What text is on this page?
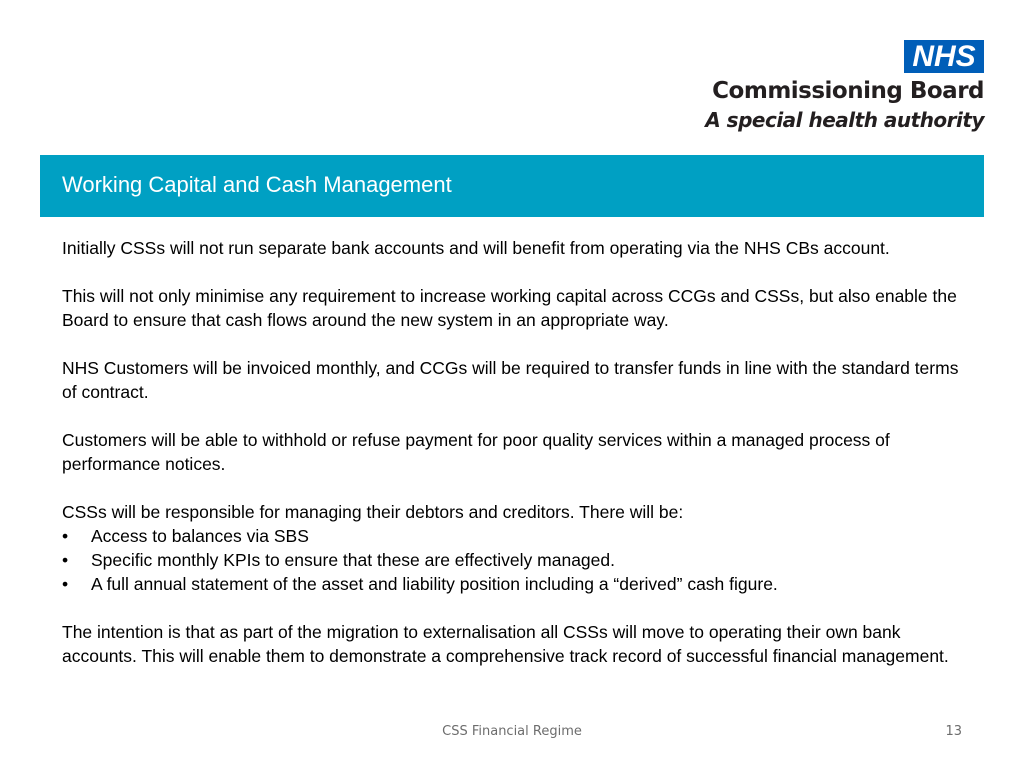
NHS
Commissioning Board
A special health authority
Working Capital and Cash Management

Initially CSSs will not run separate bank accounts and will benefit from operating via the NHS CBs account.

This will not only minimise any requirement to increase working capital across CCGs and CSSs, but also enable the Board to ensure that cash flows around the new system in an appropriate way.

NHS Customers will be invoiced monthly, and CCGs will be required to transfer funds in line with the standard terms of contract.

Customers will be able to withhold or refuse payment for poor quality services within a managed process of performance notices.

CSSs will be responsible for managing their debtors and creditors. There will be:

• Access to balances via SBS
• Specific monthly KPIs to ensure that these are effectively managed.
• A full annual statement of the asset and liability position including a “derived” cash figure.

The intention is that as part of the migration to externalisation all CSSs will move to operating their own bank accounts. This will enable them to demonstrate a comprehensive track record of successful financial management.

CSS Financial Regime	13
